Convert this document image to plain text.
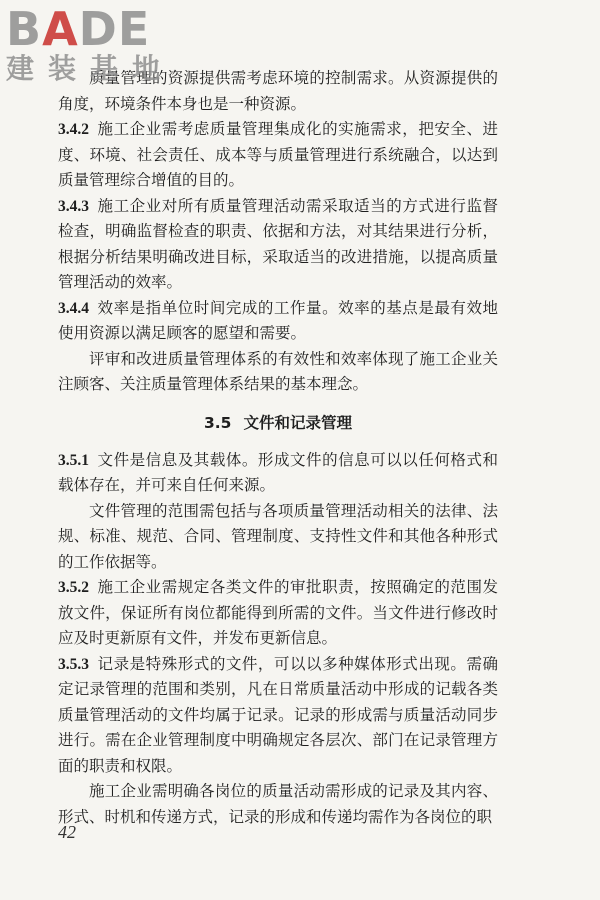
BADE
建装基地

质量管理的资源提供需考虑环境的控制需求。从资源提供的角度，环境条件本身也是一种资源。

3.4.2 施工企业需考虑质量管理集成化的实施需求，把安全、进度、环境、社会责任、成本等与质量管理进行系统融合，以达到质量管理综合增值的目的。

3.4.3 施工企业对所有质量管理活动需采取适当的方式进行监督检查，明确监督检查的职责、依据和方法，对其结果进行分析，根据分析结果明确改进目标，采取适当的改进措施，以提高质量管理活动的效率。

3.4.4 效率是指单位时间完成的工作量。效率的基点是最有效地使用资源以满足顾客的愿望和需要。

评审和改进质量管理体系的有效性和效率体现了施工企业关注顾客、关注质量管理体系结果的基本理念。

3.5 文件和记录管理

3.5.1 文件是信息及其载体。形成文件的信息可以以任何格式和载体存在，并可来自任何来源。

文件管理的范围需包括与各项质量管理活动相关的法律、法规、标准、规范、合同、管理制度、支持性文件和其他各种形式的工作依据等。

3.5.2 施工企业需规定各类文件的审批职责，按照确定的范围发放文件，保证所有岗位都能得到所需的文件。当文件进行修改时应及时更新原有文件，并发布更新信息。

3.5.3 记录是特殊形式的文件，可以以多种媒体形式出现。需确定记录管理的范围和类别，凡在日常质量活动中形成的记载各类质量管理活动的文件均属于记录。记录的形成需与质量活动同步进行。需在企业管理制度中明确规定各层次、部门在记录管理方面的职责和权限。

施工企业需明确各岗位的质量活动需形成的记录及其内容、形式、时机和传递方式，记录的形成和传递均需作为各岗位的职

42
